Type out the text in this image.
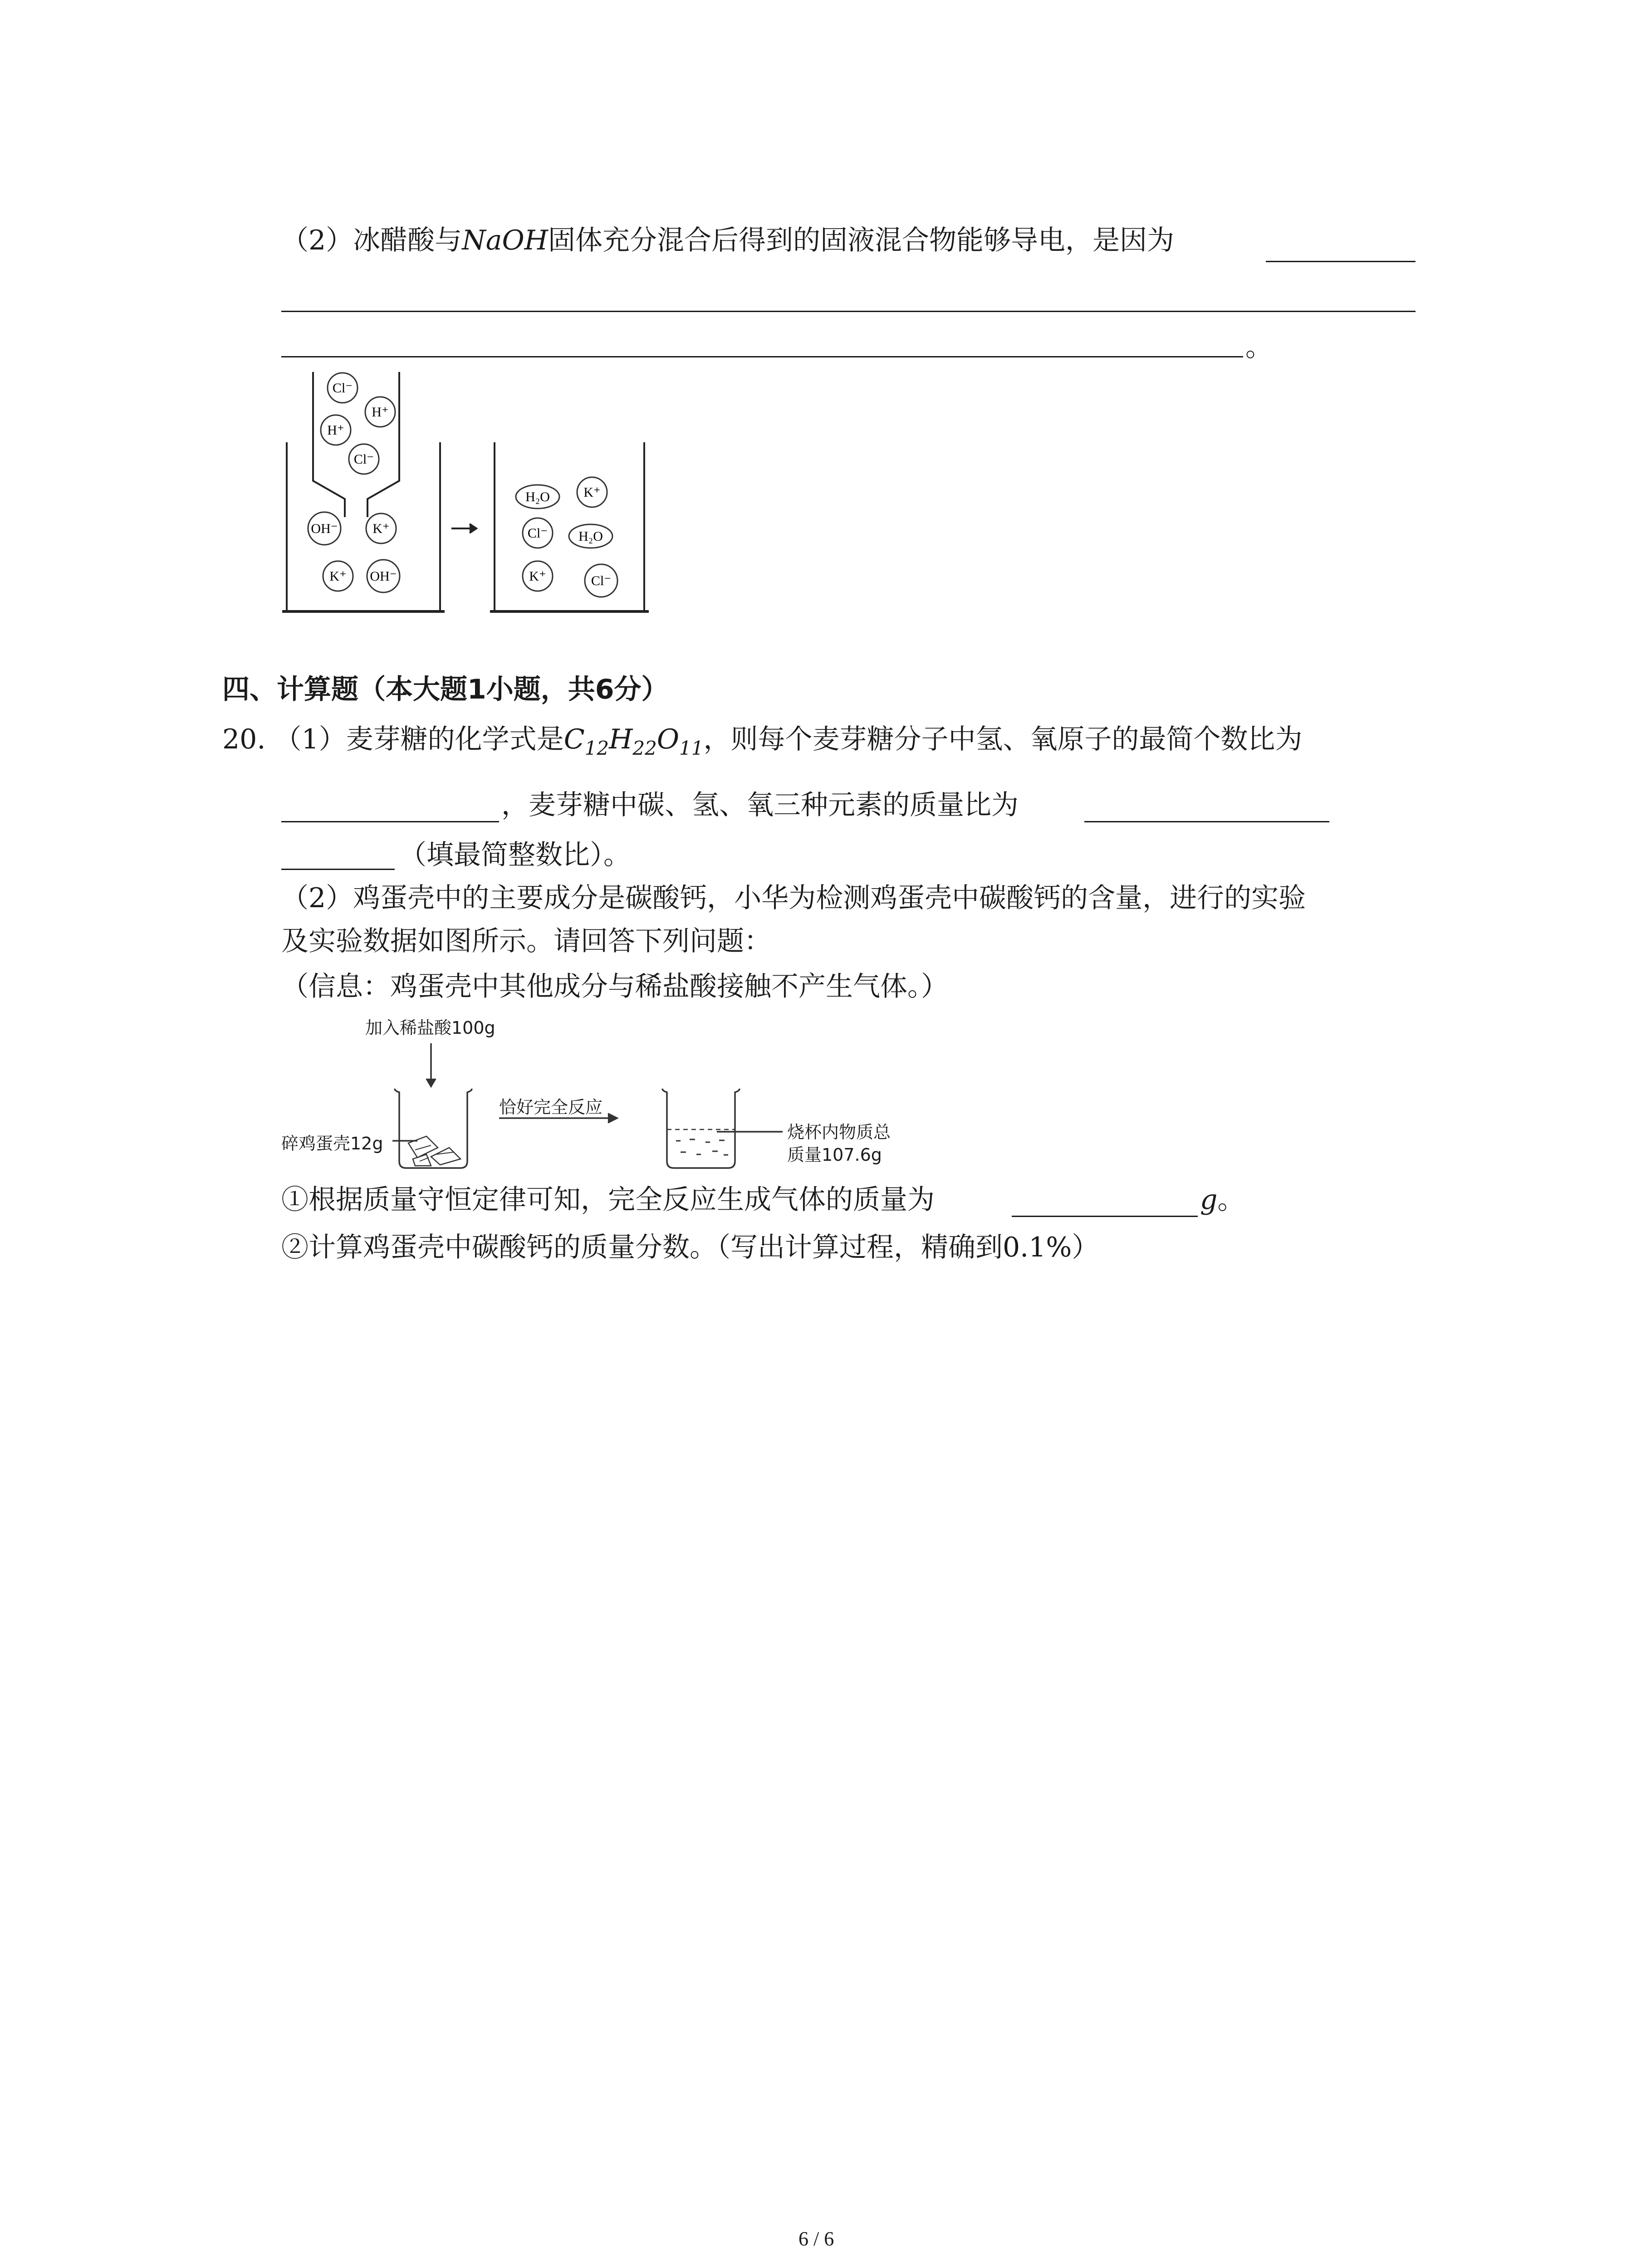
（2）冰醋酸与NaOH固体充分混合后得到的固液混合物能够导电，是因为
。
Cl⁻
H⁺
H⁺
Cl⁻
OH⁻	K⁺
K⁺ OH⁻
H₂O K⁺
Cl⁻ H₂O
K⁺	Cl⁻
四、计算题（本大题1小题，共6分）
20. （1）麦芽糖的化学式是$C_{12}H_{22}O_{11}$，则每个麦芽糖分子中氢、氧原子的最简个数比为
，麦芽糖中碳、氢、氧三种元素的质量比为
（填最简整数比）。
（2）鸡蛋壳中的主要成分是碳酸钙，小华为检测鸡蛋壳中碳酸钙的含量，进行的实验
及实验数据如图所示。请回答下列问题：
（信息：鸡蛋壳中其他成分与稀盐酸接触不产生气体。）
加入稀盐酸100g
碎鸡蛋壳12g
恰好完全反应
烧杯内物质总
质量107.6g
①根据质量守恒定律可知，完全反应生成气体的质量为	g。
②计算鸡蛋壳中碳酸钙的质量分数。（写出计算过程，精确到0.1%）
6 / 6
